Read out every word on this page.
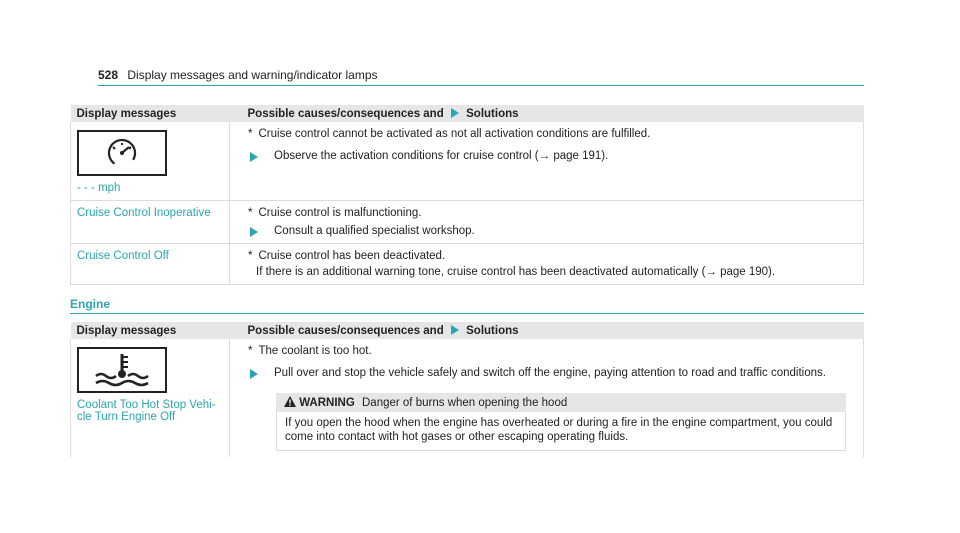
528 Display messages and warning/indicator lamps
Display messages	Possible causes/consequences and Solutions

- - - mph	* Cruise control cannot be activated as not all activation conditions are fulfilled.
Observe the activation conditions for cruise control (→ page 191).

Cruise Control Inoperative	* Cruise control is malfunctioning.
Consult a qualified specialist workshop.

Cruise Control Off	* Cruise control has been deactivated.
If there is an additional warning tone, cruise control has been deactivated automatically (→ page 190).
Engine
Display messages	Possible causes/consequences and Solutions

Coolant Too Hot Stop Vehi-cle Turn Engine Off	* The coolant is too hot.
Pull over and stop the vehicle safely and switch off the engine, paying attention to road and traffic conditions.
WARNING Danger of burns when opening the hood
If you open the hood when the engine has overheated or during a fire in the engine compartment, you could come into contact with hot gases or other escaping operating fluids.
